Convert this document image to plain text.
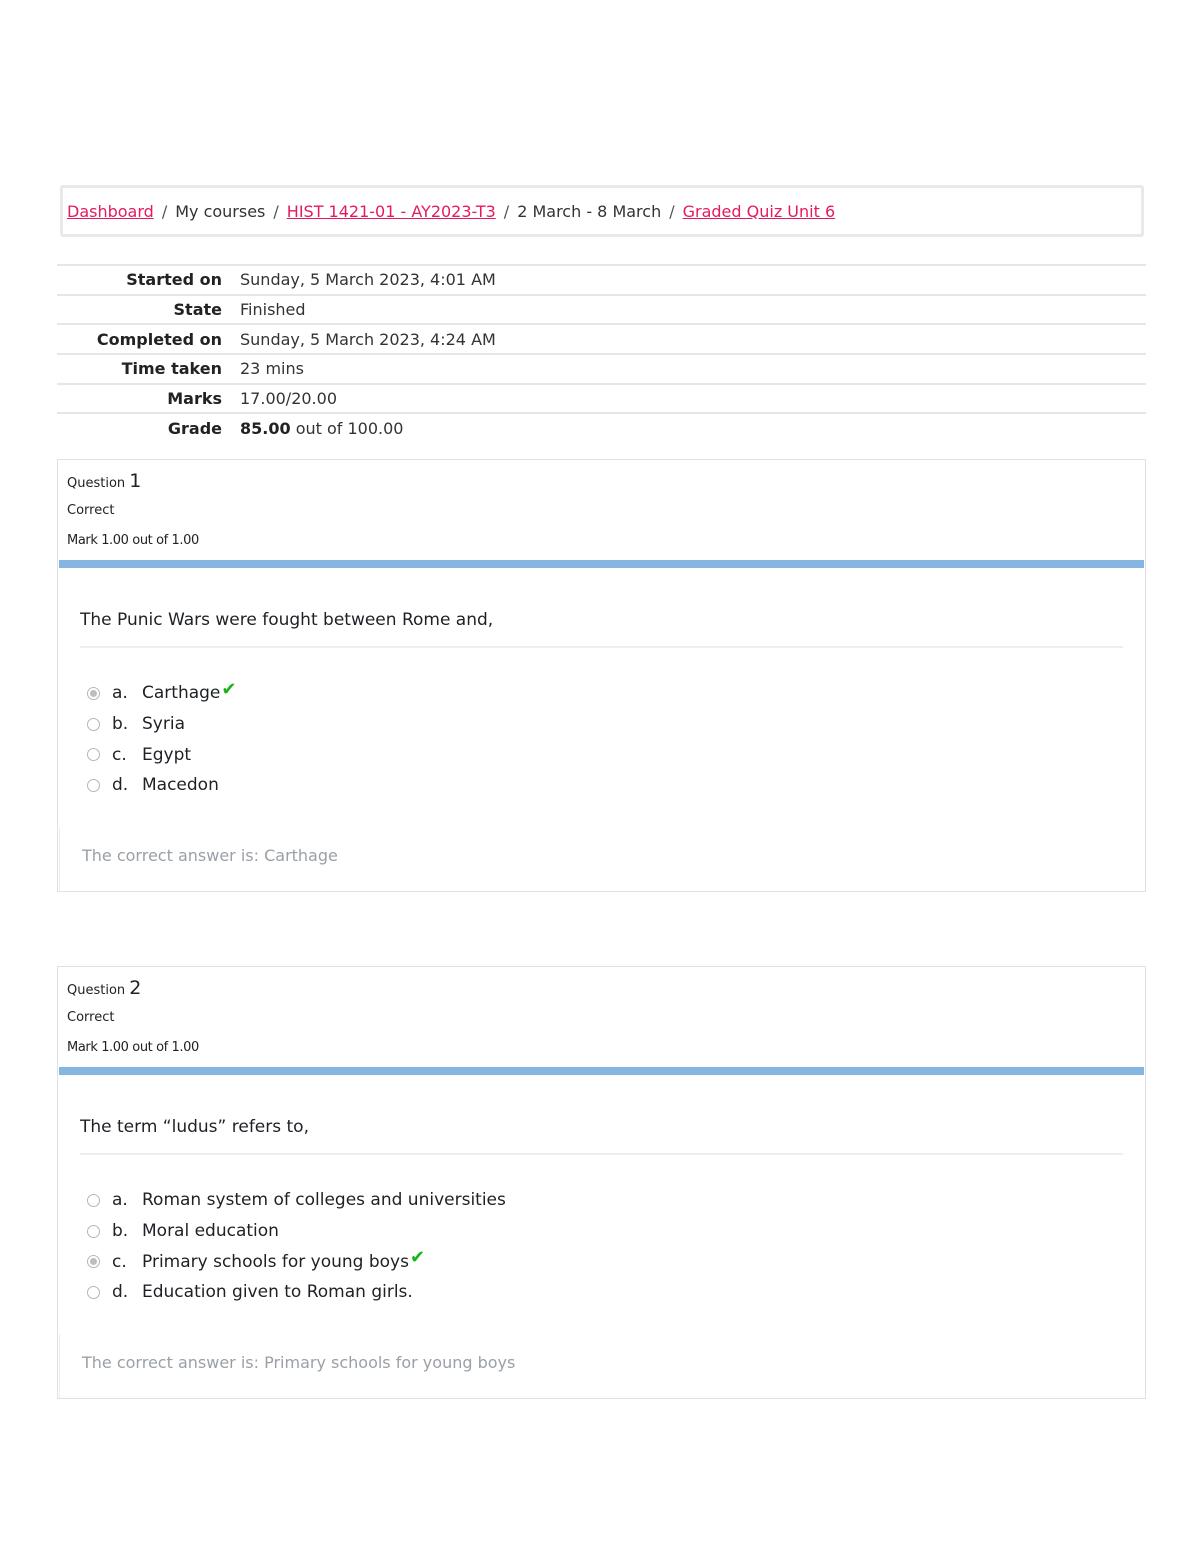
Dashboard / My courses / HIST 1421-01 - AY2023-T3 / 2 March - 8 March / Graded Quiz Unit 6
Started on	Sunday, 5 March 2023, 4:01 AM
State	Finished
Completed on	Sunday, 5 March 2023, 4:24 AM
Time taken	23 mins
Marks	17.00/20.00
Grade	85.00 out of 100.00
Question 1
Correct
Mark 1.00 out of 1.00
The Punic Wars were fought between Rome and,
a. Carthage ✔
b. Syria
c. Egypt
d. Macedon
The correct answer is: Carthage
Question 2
Correct
Mark 1.00 out of 1.00
The term “ludus” refers to,
a. Roman system of colleges and universities
b. Moral education
c. Primary schools for young boys ✔
d. Education given to Roman girls.
The correct answer is: Primary schools for young boys
